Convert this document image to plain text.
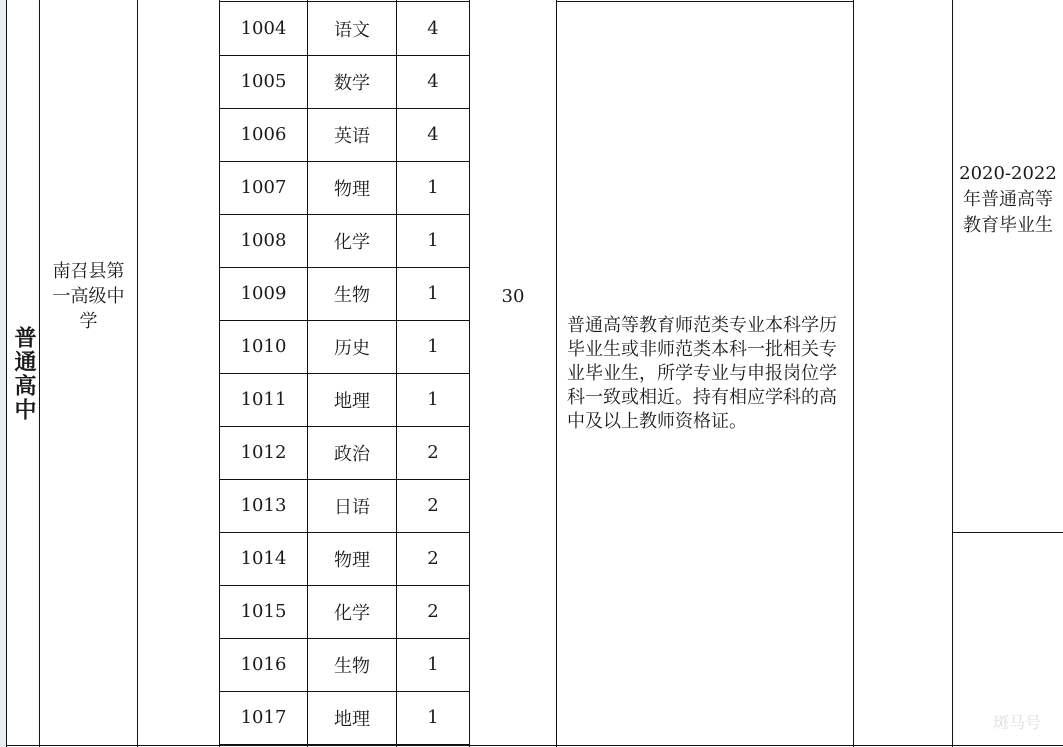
1004	语文	4
1005	数学	4
1006	英语	4
1007	物理	1
1008	化学	1
1009	生物	1
1010	历史	1
1011	地理	1
1012	政治	2
1013	日语	2
1014	物理	2
1015	化学	2
1016	生物	1
1017	地理	1
普通高中
南召县第一高级中学
30
普通高等教育师范类专业本科学历毕业生或非师范类本科一批相关专业毕业生，所学专业与申报岗位学科一致或相近。持有相应学科的高中及以上教师资格证。
2020-2022年普通高等教育毕业生
斑马号
